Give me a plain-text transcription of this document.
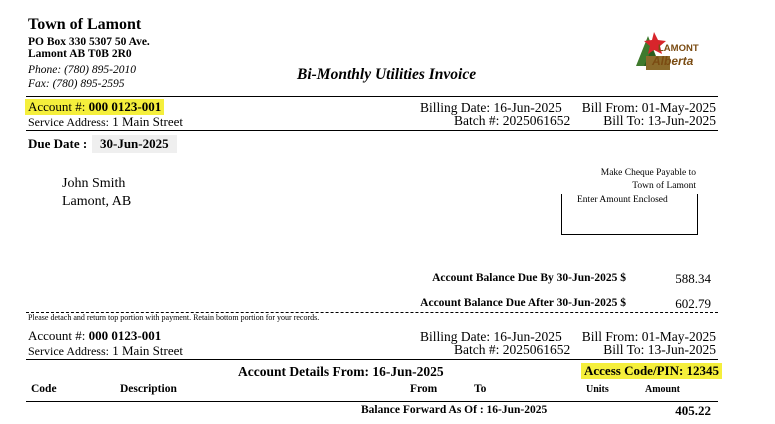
Town of Lamont
PO Box 330 5307 50 Ave.
Lamont AB T0B 2R0
Phone: (780) 895-2010
Fax: (780) 895-2595
Bi-Monthly Utilities Invoice
LAMONT
Alberta
Account #: 000 0123-001
Service Address: 1 Main Street
Billing Date: 16-Jun-2025 Bill From: 01-May-2025
Batch #: 2025061652 Bill To: 13-Jun-2025
Due Date : 30-Jun-2025
John Smith
Lamont, AB
Make Cheque Payable to
Town of Lamont
Enter Amount Enclosed
Account Balance Due By 30-Jun-2025 $	588.34
Account Balance Due After 30-Jun-2025 $	602.79
Please detach and return top portion with payment. Retain bottom portion for your records.
Account #: 000 0123-001
Service Address: 1 Main Street
Billing Date: 16-Jun-2025 Bill From: 01-May-2025
Batch #: 2025061652 Bill To: 13-Jun-2025
Account Details From: 16-Jun-2025	Access Code/PIN: 12345
Code	Description	From	To	Units	Amount
Balance Forward As Of : 16-Jun-2025	405.22
